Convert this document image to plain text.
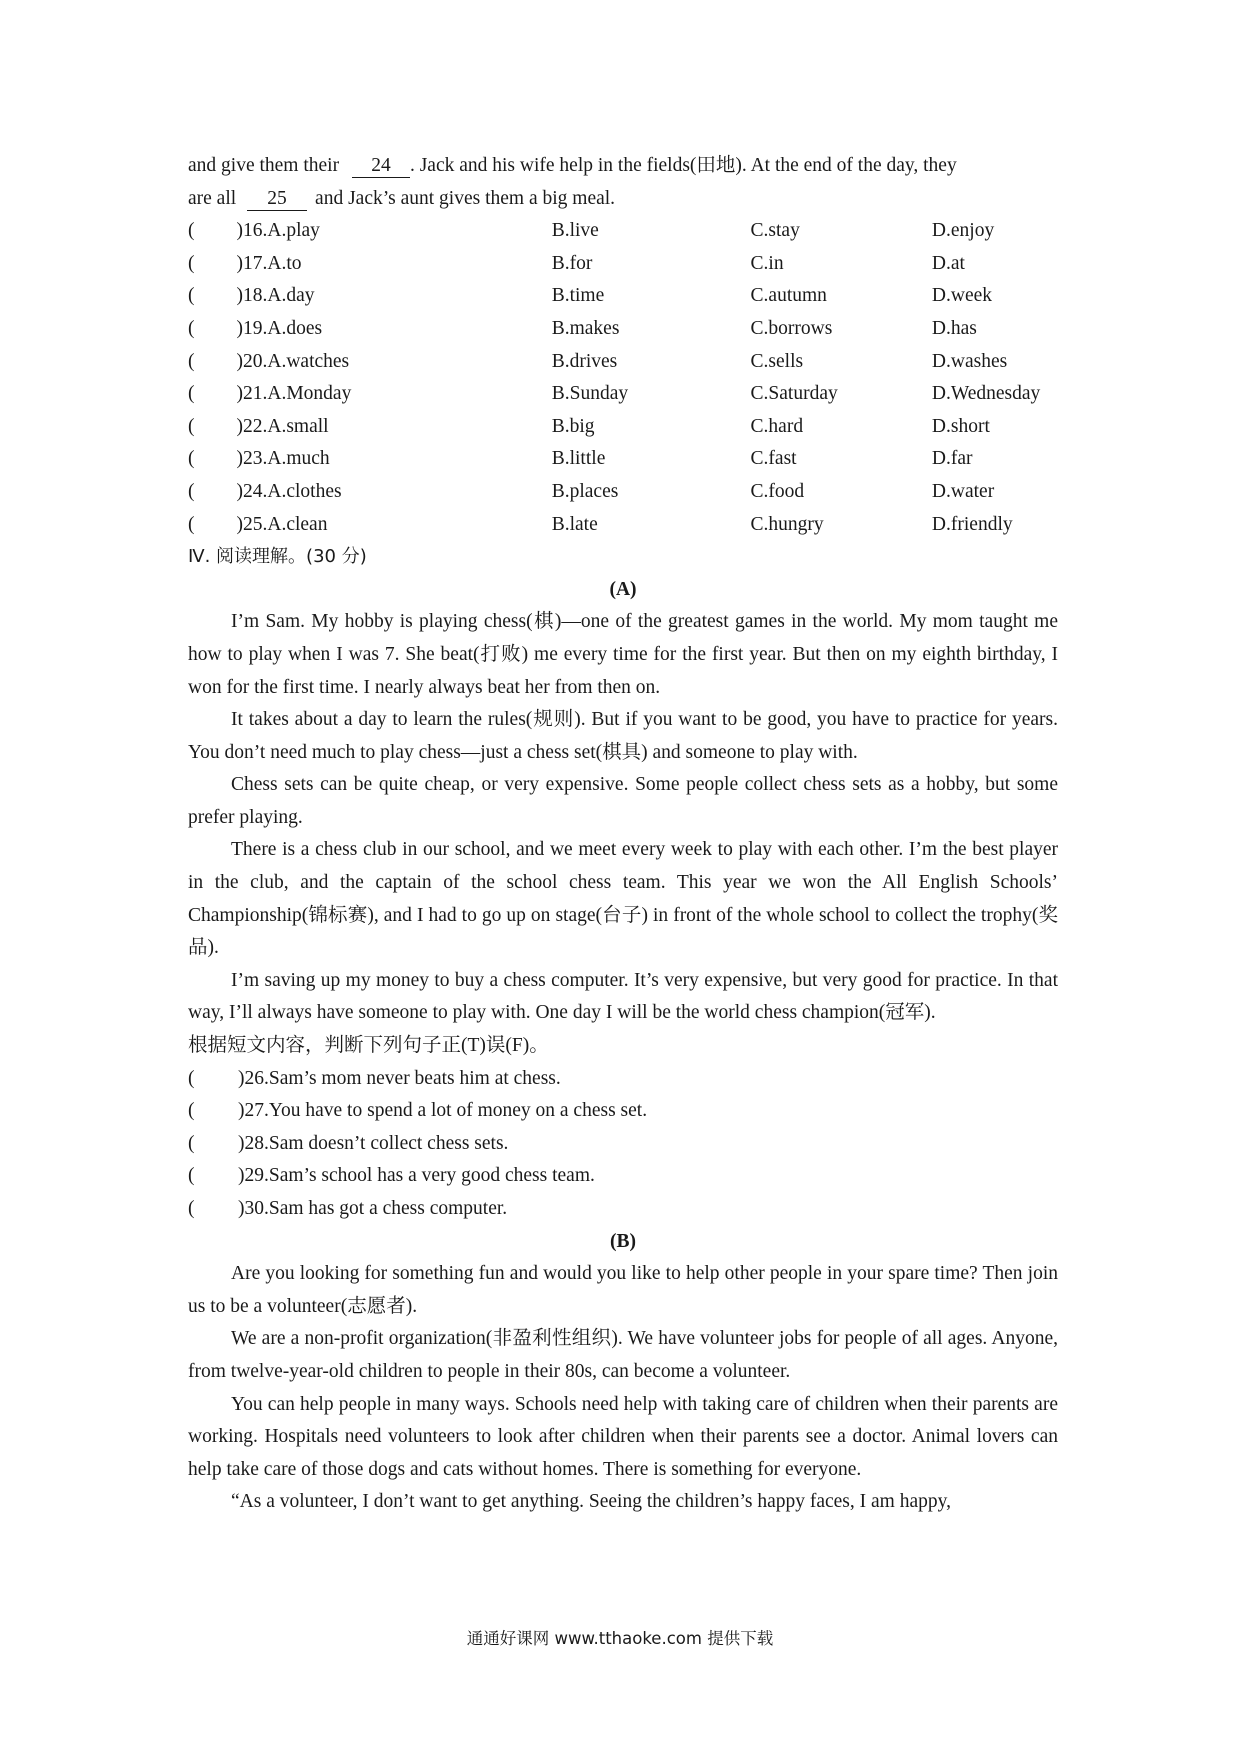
and give them their 24 . Jack and his wife help in the fields(田地). At the end of the day, they
are all 25 and Jack’s aunt gives them a big meal.
(	)16.A.play	B.live	C.stay	D.enjoy
(	)17.A.to	B.for	C.in	D.at
(	)18.A.day	B.time	C.autumn	D.week
(	)19.A.does	B.makes	C.borrows	D.has
(	)20.A.watches	B.drives	C.sells	D.washes
(	)21.A.Monday	B.Sunday	C.Saturday	D.Wednesday
(	)22.A.small	B.big	C.hard	D.short
(	)23.A.much	B.little	C.fast	D.far
(	)24.A.clothes	B.places	C.food	D.water
(	)25.A.clean	B.late	C.hungry	D.friendly
Ⅳ. 阅读理解。(30 分)
(A)
I’m Sam. My hobby is playing chess(棋)—one of the greatest games in the world. My mom taught me how to play when I was 7. She beat(打败) me every time for the first year. But then on my eighth birthday, I won for the first time. I nearly always beat her from then on.
It takes about a day to learn the rules(规则). But if you want to be good, you have to practice for years. You don’t need much to play chess—just a chess set(棋具) and someone to play with.
Chess sets can be quite cheap, or very expensive. Some people collect chess sets as a hobby, but some prefer playing.
There is a chess club in our school, and we meet every week to play with each other. I’m the best player in the club, and the captain of the school chess team. This year we won the All English Schools’ Championship(锦标赛), and I had to go up on stage(台子) in front of the whole school to collect the trophy(奖品).
I’m saving up my money to buy a chess computer. It’s very expensive, but very good for practice. In that way, I’ll always have someone to play with. One day I will be the world chess champion(冠军).
根据短文内容，判断下列句子正(T)误(F)。
(	)26.Sam’s mom never beats him at chess.
(	)27.You have to spend a lot of money on a chess set.
(	)28.Sam doesn’t collect chess sets.
(	)29.Sam’s school has a very good chess team.
(	)30.Sam has got a chess computer.
(B)
Are you looking for something fun and would you like to help other people in your spare time? Then join us to be a volunteer(志愿者).
We are a non-profit organization(非盈利性组织). We have volunteer jobs for people of all ages. Anyone, from twelve-year-old children to people in their 80s, can become a volunteer.
You can help people in many ways. Schools need help with taking care of children when their parents are working. Hospitals need volunteers to look after children when their parents see a doctor. Animal lovers can help take care of those dogs and cats without homes. There is something for everyone.
“As a volunteer, I don’t want to get anything. Seeing the children’s happy faces, I am happy,
通通好课网 www.tthaoke.com 提供下载
